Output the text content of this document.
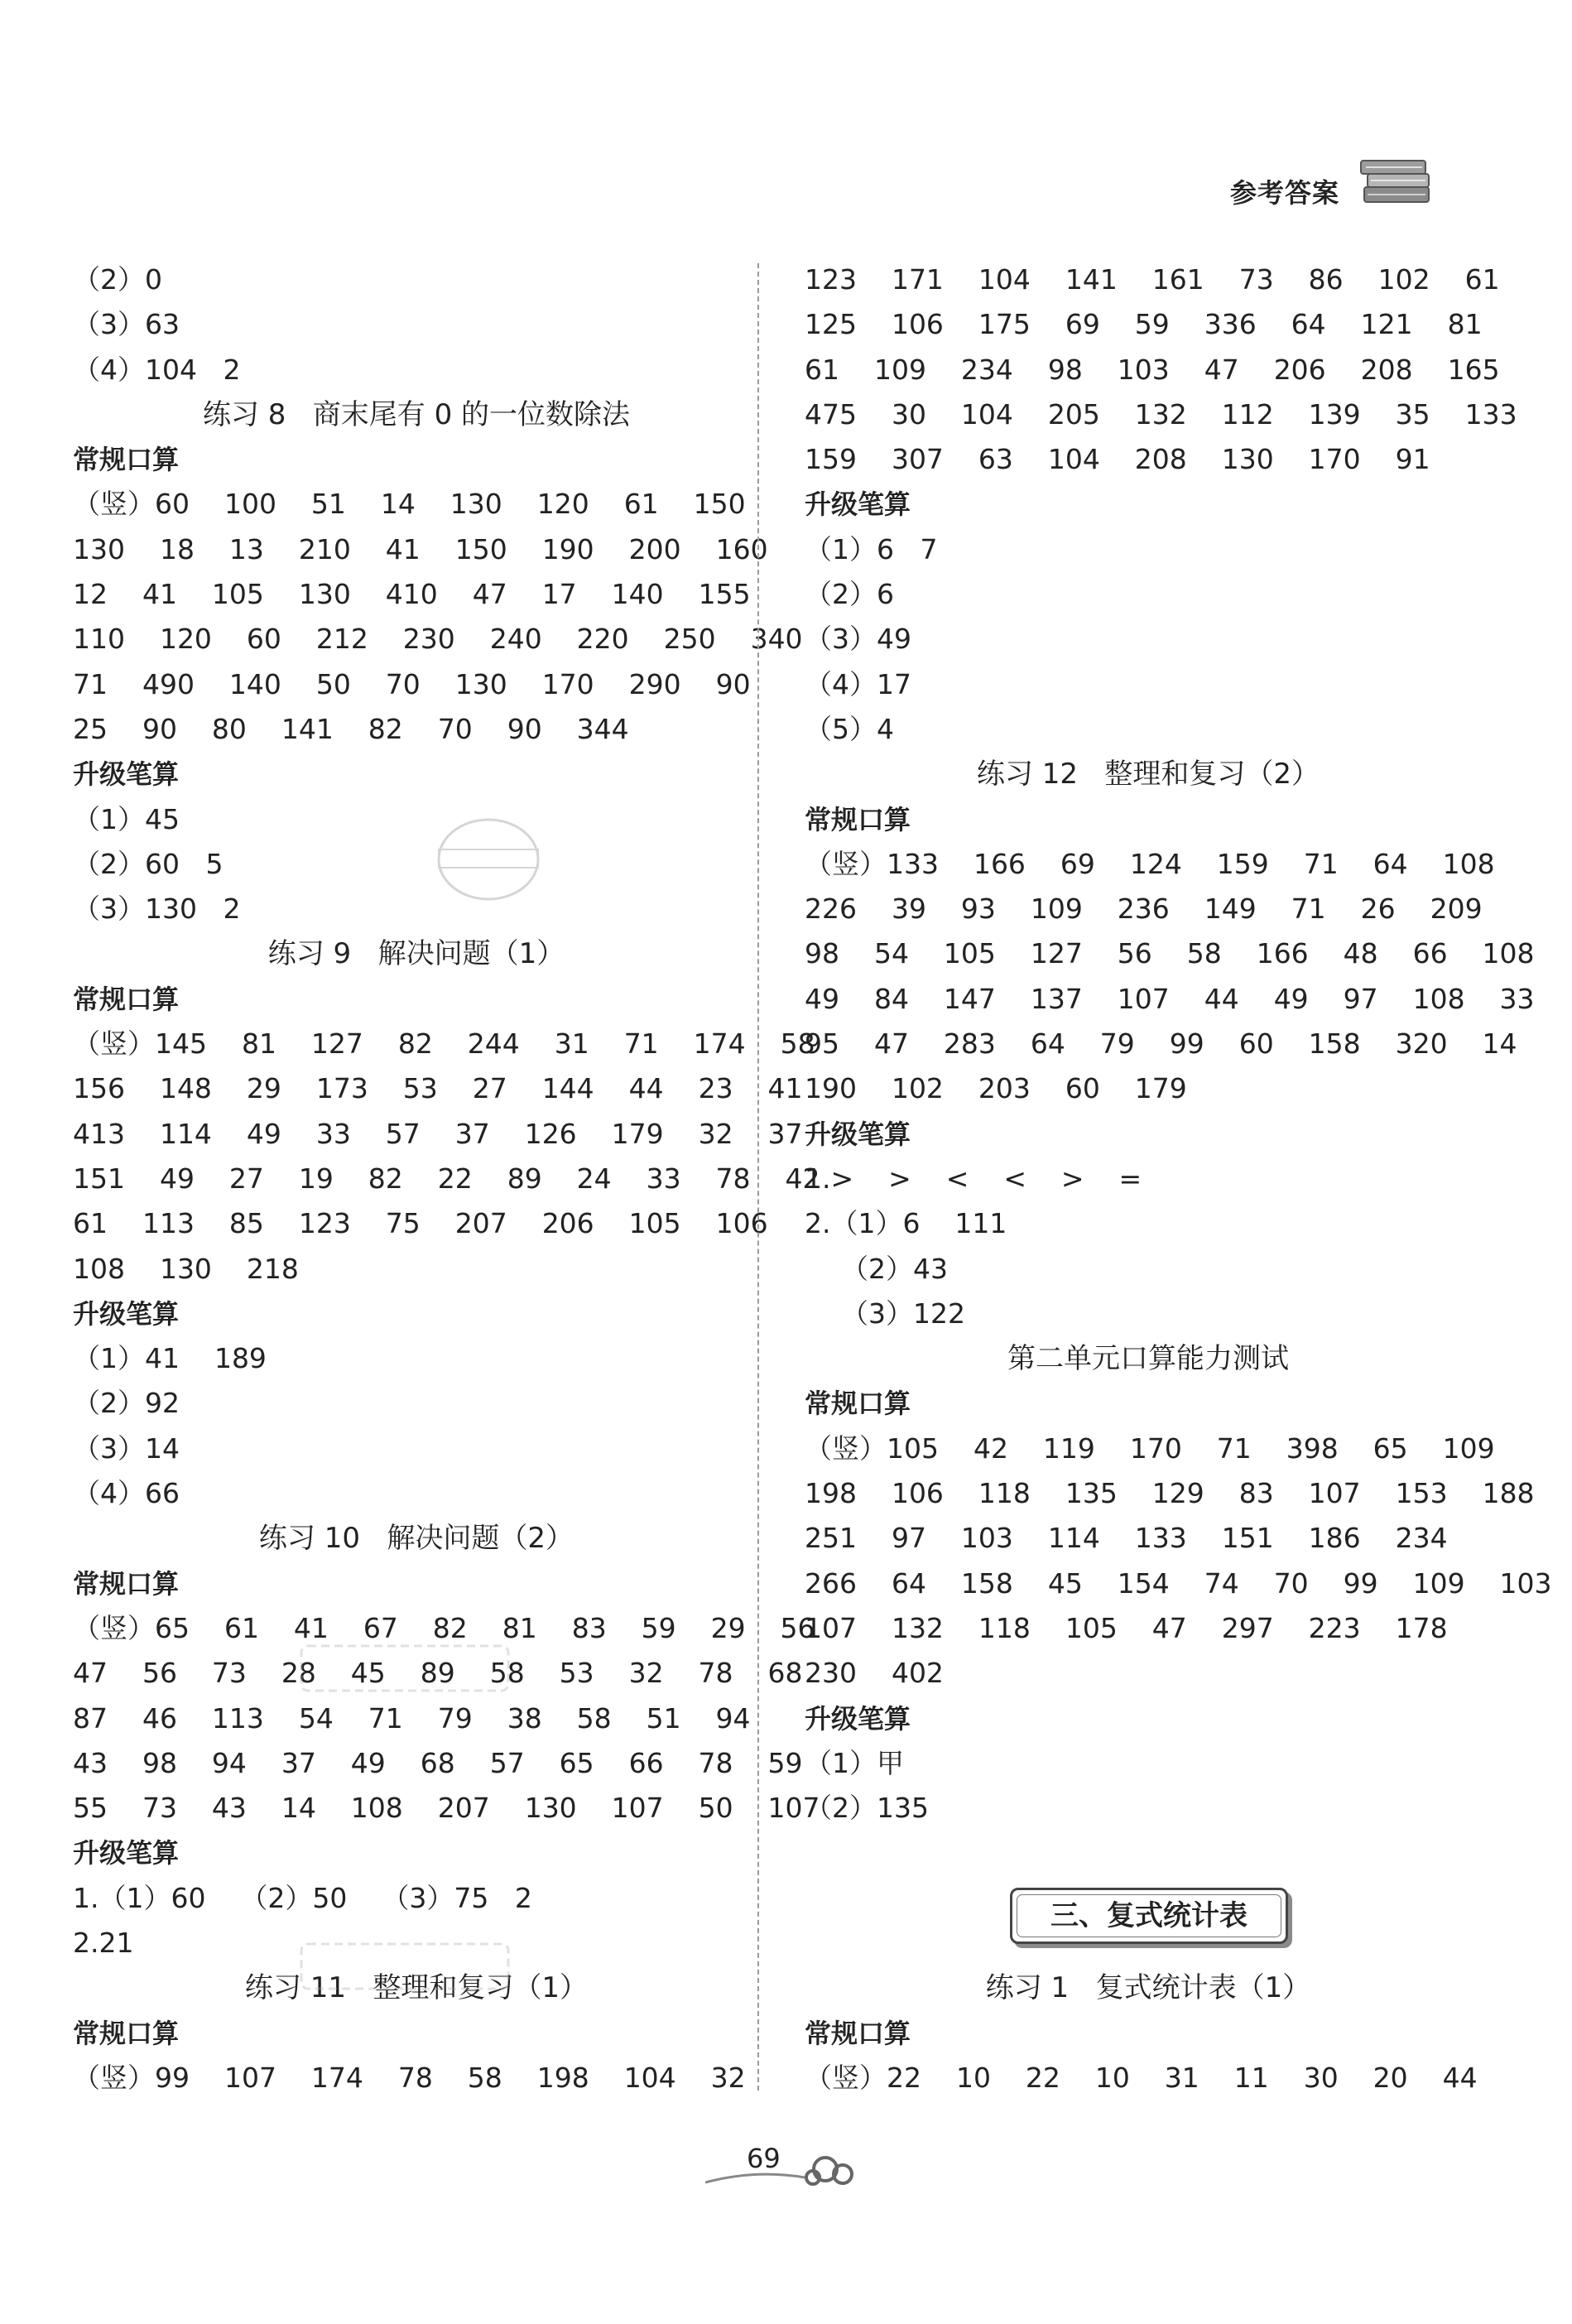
参考答案
（2）0
（3）63
（4）104   2
练习 8   商末尾有 0 的一位数除法
常规口算
（竖）60    100    51    14    130    120    61    150
130    18    13    210    41    150    190    200    160
12    41    105    130    410    47    17    140    155
110    120    60    212    230    240    220    250    340
71    490    140    50    70    130    170    290    90
25    90    80    141    82    70    90    344
升级笔算
（1）45
（2）60   5
（3）130   2
练习 9   解决问题（1）
常规口算
（竖）145    81    127    82    244    31    71    174    58
156    148    29    173    53    27    144    44    23    41
413    114    49    33    57    37    126    179    32    37
151    49    27    19    82    22    89    24    33    78    42
61    113    85    123    75    207    206    105    106
108    130    218
升级笔算
（1）41    189
（2）92
（3）14
（4）66
练习 10   解决问题（2）
常规口算
（竖）65    61    41    67    82    81    83    59    29    56
47    56    73    28    45    89    58    53    32    78    68
87    46    113    54    71    79    38    58    51    94
43    98    94    37    49    68    57    65    66    78    59
55    73    43    14    108    207    130    107    50    107
升级笔算
1.（1）60    （2）50    （3）75   2
2.21
练习 11   整理和复习（1）
常规口算
（竖）99    107    174    78    58    198    104    32
123    171    104    141    161    73    86    102    61
125    106    175    69    59    336    64    121    81
61    109    234    98    103    47    206    208    165
475    30    104    205    132    112    139    35    133
159    307    63    104    208    130    170    91
升级笔算
（1）6   7
（2）6
（3）49
（4）17
（5）4
练习 12   整理和复习（2）
常规口算
（竖）133    166    69    124    159    71    64    108
226    39    93    109    236    149    71    26    209
98    54    105    127    56    58    166    48    66    108
49    84    147    137    107    44    49    97    108    33
95    47    283    64    79    99    60    158    320    14
190    102    203    60    179
升级笔算
1.>    >    <    <    >    =
2.（1）6    111
（2）43
（3）122
第二单元口算能力测试
常规口算
（竖）105    42    119    170    71    398    65    109
198    106    118    135    129    83    107    153    188
251    97    103    114    133    151    186    234
266    64    158    45    154    74    70    99    109    103
107    132    118    105    47    297    223    178
230    402
升级笔算
（1）甲
（2）135
三、复式统计表
练习 1   复式统计表（1）
常规口算
（竖）22    10    22    10    31    11    30    20    44
69
